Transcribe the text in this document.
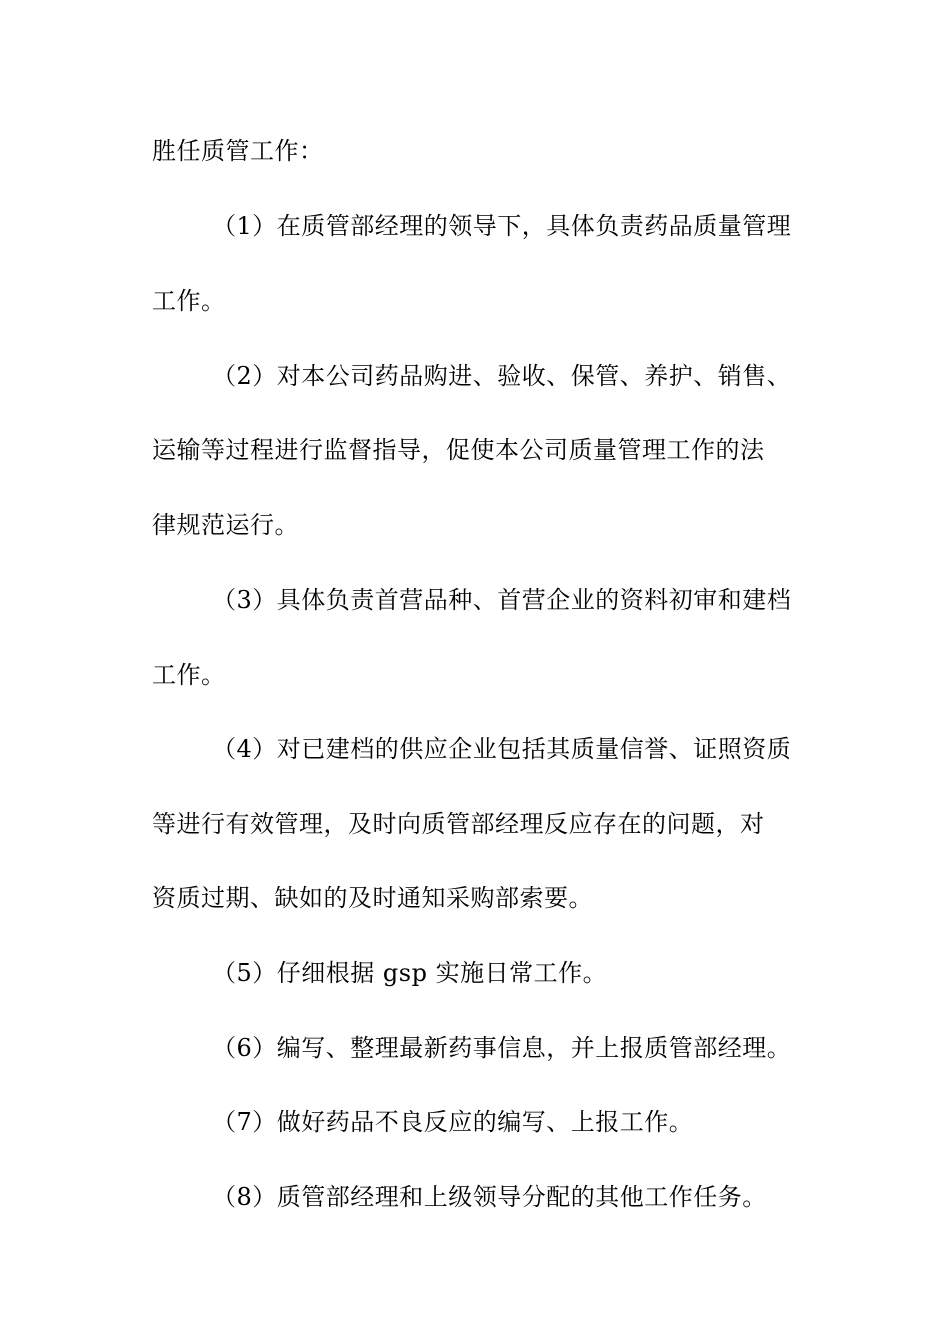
胜任质管工作：
（1）在质管部经理的领导下，具体负责药品质量管理
工作。
（2）对本公司药品购进、验收、保管、养护、销售、
运输等过程进行监督指导，促使本公司质量管理工作的法
律规范运行。
（3）具体负责首营品种、首营企业的资料初审和建档
工作。
（4）对已建档的供应企业包括其质量信誉、证照资质
等进行有效管理，及时向质管部经理反应存在的问题，对
资质过期、缺如的及时通知采购部索要。
（5）仔细根据 gsp 实施日常工作。
（6）编写、整理最新药事信息，并上报质管部经理。
（7）做好药品不良反应的编写、上报工作。
（8）质管部经理和上级领导分配的其他工作任务。
